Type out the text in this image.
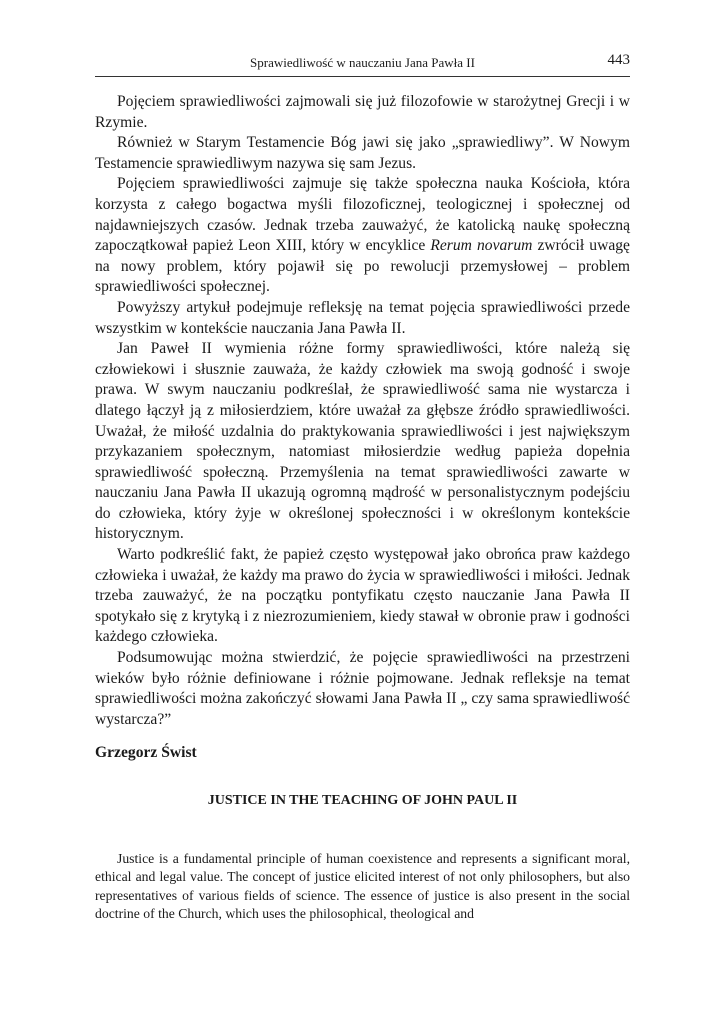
Sprawiedliwość w nauczaniu Jana Pawła II	443

Pojęciem sprawiedliwości zajmowali się już filozofowie w starożytnej Grecji i w Rzymie.

Również w Starym Testamencie Bóg jawi się jako „sprawiedliwy”. W Nowym Testamencie sprawiedliwym nazywa się sam Jezus.

Pojęciem sprawiedliwości zajmuje się także społeczna nauka Kościoła, która korzysta z całego bogactwa myśli filozoficznej, teologicznej i społecznej od najdawniejszych czasów. Jednak trzeba zauważyć, że katolicką naukę społeczną zapoczątkował papież Leon XIII, który w encyklice Rerum novarum zwrócił uwagę na nowy problem, który pojawił się po rewolucji przemysłowej – problem sprawiedliwości społecznej.

Powyższy artykuł podejmuje refleksję na temat pojęcia sprawiedliwości przede wszystkim w kontekście nauczania Jana Pawła II.

Jan Paweł II wymienia różne formy sprawiedliwości, które należą się człowiekowi i słusznie zauważa, że każdy człowiek ma swoją godność i swoje prawa. W swym nauczaniu podkreślał, że sprawiedliwość sama nie wystarcza i dlatego łączył ją z miłosierdziem, które uważał za głębsze źródło sprawiedliwości. Uważał, że miłość uzdalnia do praktykowania sprawiedliwości i jest największym przykazaniem społecznym, natomiast miłosierdzie według papieża dopełnia sprawiedliwość społeczną. Przemyślenia na temat sprawiedliwości zawarte w nauczaniu Jana Pawła II ukazują ogromną mądrość w personalistycznym podejściu do człowieka, który żyje w określonej społeczności i w określonym kontekście historycznym.

Warto podkreślić fakt, że papież często występował jako obrońca praw każdego człowieka i uważał, że każdy ma prawo do życia w sprawiedliwości i miłości. Jednak trzeba zauważyć, że na początku pontyfikatu często nauczanie Jana Pawła II spotykało się z krytyką i z niezrozumieniem, kiedy stawał w obronie praw i godności każdego człowieka.

Podsumowując można stwierdzić, że pojęcie sprawiedliwości na przestrzeni wieków było różnie definiowane i różnie pojmowane. Jednak refleksje na temat sprawiedliwości można zakończyć słowami Jana Pawła II „ czy sama sprawiedliwość wystarcza?”

Grzegorz Świst
JUSTICE IN THE TEACHING OF JOHN PAUL II

Justice is a fundamental principle of human coexistence and represents a significant moral, ethical and legal value. The concept of justice elicited interest of not only philosophers, but also representatives of various fields of science. The essence of justice is also present in the social doctrine of the Church, which uses the philosophical, theological and
